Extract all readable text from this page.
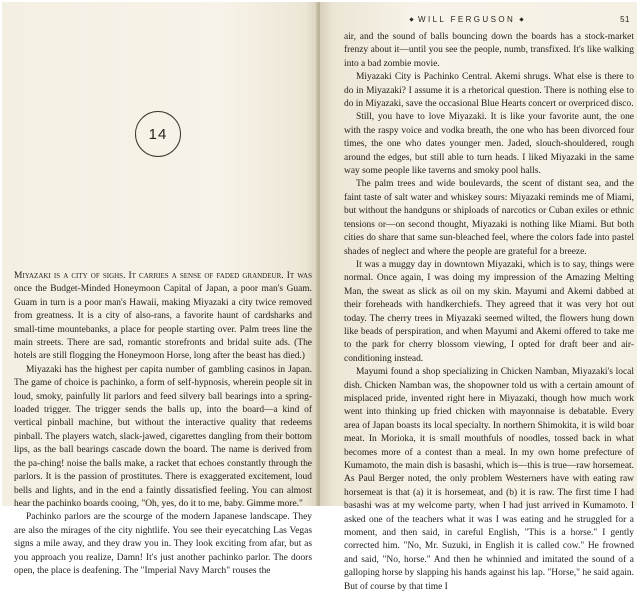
14

Miyazaki is a city of sighs. It carries a sense of faded grandeur. It was once the Budget-Minded Honeymoon Capital of Japan, a poor man's Guam. Guam in turn is a poor man's Hawaii, making Miyazaki a city twice removed from greatness. It is a city of also-rans, a favorite haunt of cardsharks and small-time mountebanks, a place for people starting over. Palm trees line the main streets. There are sad, romantic storefronts and bridal suite ads. (The hotels are still flogging the Honeymoon Horse, long after the beast has died.)

Miyazaki has the highest per capita number of gambling casinos in Japan. The game of choice is pachinko, a form of self-hypnosis, wherein people sit in loud, smoky, painfully lit parlors and feed silvery ball bearings into a spring-loaded trigger. The trigger sends the balls up, into the board—a kind of vertical pinball machine, but without the interactive quality that redeems pinball. The players watch, slack-jawed, cigarettes dangling from their bottom lips, as the ball bearings cascade down the board. The name is derived from the pa-ching! noise the balls make, a racket that echoes constantly through the parlors. It is the passion of prostitutes. There is exaggerated excitement, loud bells and lights, and in the end a faintly dissatisfied feeling. You can almost hear the pachinko boards cooing, "Oh, yes, do it to me, baby. Gimme more."

Pachinko parlors are the scourge of the modern Japanese landscape. They are also the mirages of the city nightlife. You see their eyecatching Las Vegas signs a mile away, and they draw you in. They look exciting from afar, but as you approach you realize, Damn! It's just another pachinko parlor. The doors open, the place is deafening. The "Imperial Navy March" rouses the

WILL FERGUSON	51

air, and the sound of balls bouncing down the boards has a stock-market frenzy about it—until you see the people, numb, transfixed. It's like walking into a bad zombie movie.

Miyazaki City is Pachinko Central. Akemi shrugs. What else is there to do in Miyazaki? I assume it is a rhetorical question. There is nothing else to do in Miyazaki, save the occasional Blue Hearts concert or overpriced disco.

Still, you have to love Miyazaki. It is like your favorite aunt, the one with the raspy voice and vodka breath, the one who has been divorced four times, the one who dates younger men. Jaded, slouch-shouldered, rough around the edges, but still able to turn heads. I liked Miyazaki in the same way some people like taverns and smoky pool halls.

The palm trees and wide boulevards, the scent of distant sea, and the faint taste of salt water and whiskey sours: Miyazaki reminds me of Miami, but without the handguns or shiploads of narcotics or Cuban exiles or ethnic tensions or—on second thought, Miyazaki is nothing like Miami. But both cities do share that same sun-bleached feel, where the colors fade into pastel shades of neglect and where the people are grateful for a breeze.

It was a muggy day in downtown Miyazaki, which is to say, things were normal. Once again, I was doing my impression of the Amazing Melting Man, the sweat as slick as oil on my skin. Mayumi and Akemi dabbed at their foreheads with handkerchiefs. They agreed that it was very hot out today. The cherry trees in Miyazaki seemed wilted, the flowers hung down like beads of perspiration, and when Mayumi and Akemi offered to take me to the park for cherry blossom viewing, I opted for draft beer and air-conditioning instead.

Mayumi found a shop specializing in Chicken Namban, Miyazaki's local dish. Chicken Namban was, the shopowner told us with a certain amount of misplaced pride, invented right here in Miyazaki, though how much work went into thinking up fried chicken with mayonnaise is debatable. Every area of Japan boasts its local specialty. In northern Shimokita, it is wild boar meat. In Morioka, it is small mouthfuls of noodles, tossed back in what becomes more of a contest than a meal. In my own home prefecture of Kumamoto, the main dish is basashi, which is—this is true—raw horsemeat. As Paul Berger noted, the only problem Westerners have with eating raw horsemeat is that (a) it is horsemeat, and (b) it is raw. The first time I had basashi was at my welcome party, when I had just arrived in Kumamoto. I asked one of the teachers what it was I was eating and he struggled for a moment, and then said, in careful English, "This is a horse." I gently corrected him. "No, Mr. Suzuki, in English it is called cow." He frowned and said, "No, horse." And then he whinnied and imitated the sound of a galloping horse by slapping his hands against his lap. "Horse," he said again. But of course by that time I
